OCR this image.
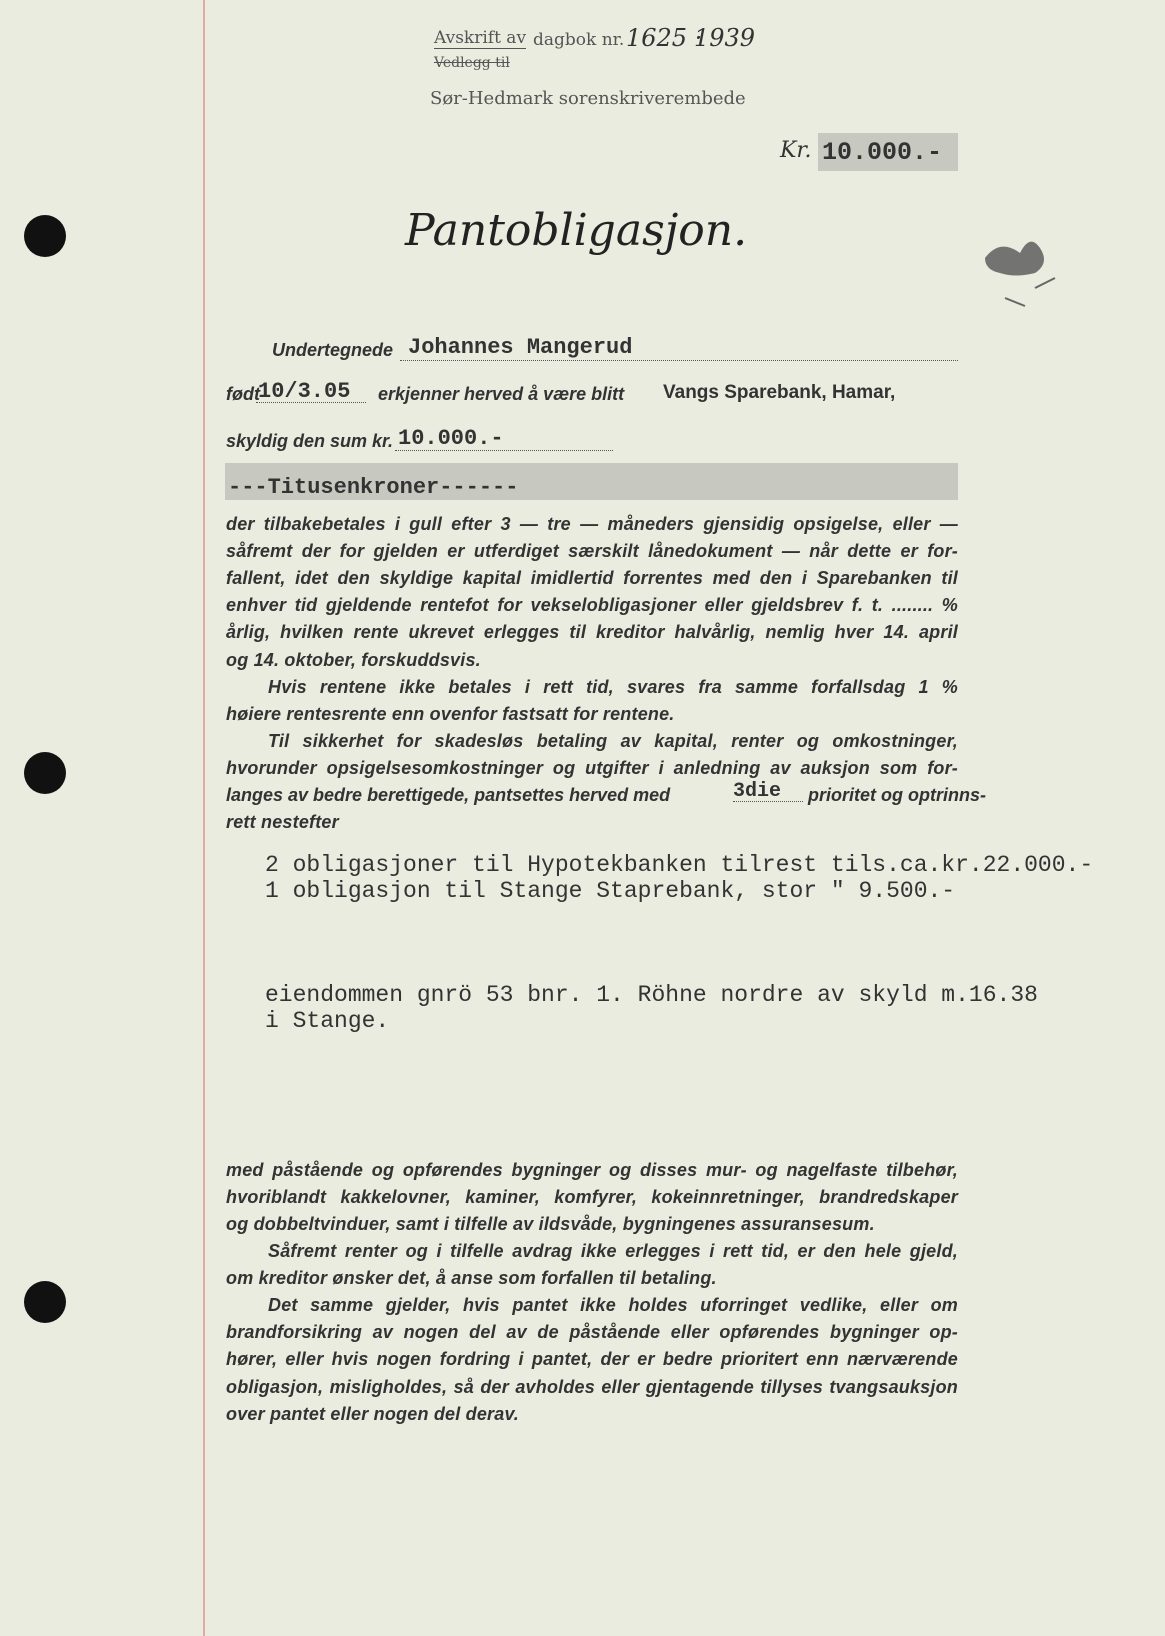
Avskrift av
Vedlegg til
dagbok nr. 1625 ·
1939
Sør-Hedmark sorenskriverembede
Kr. 10.000.-
Pantobligasjon.
Undertegnede Johannes Mangerud
født
10/3.05 erkjenner herved å være blitt Vangs Sparebank, Hamar,
skyldig den sum kr. 10.000.-
---Titusenkroner------
der tilbakebetales i gull efter 3 — tre — måneders gjensidig opsigelse, eller —
såfremt der for gjelden er utferdiget særskilt lånedokument — når dette er for-
fallent, idet den skyldige kapital imidlertid forrentes med den i Sparebanken til
enhver tid gjeldende rentefot for vekselobligasjoner eller gjeldsbrev f. t. ........ %
årlig, hvilken rente ukrevet erlegges til kreditor halvårlig, nemlig hver 14. april
og 14. oktober, forskuddsvis.
Hvis rentene ikke betales i rett tid, svares fra samme forfallsdag 1 %
høiere rentesrente enn ovenfor fastsatt for rentene.
Til sikkerhet for skadesløs betaling av kapital, renter og omkostninger,
hvorunder opsigelsesomkostninger og utgifter i anledning av auksjon som for-
langes av bedre berettigede, pantsettes herved med	3die prioritet og optrinns-
rett nestefter
2 obligasjoner til Hypotekbanken tilrest tils.ca.kr.22.000.-
1 obligasjon til Stange Staprebank, stor " 9.500.-
eiendommen gnrö 53 bnr. 1. Röhne nordre av skyld m.16.38
i Stange.
med påstående og opførendes bygninger og disses mur- og nagelfaste tilbehør,
hvoriblandt kakkelovner, kaminer, komfyrer, kokeinnretninger, brandredskaper
og dobbeltvinduer, samt i tilfelle av ildsvåde, bygningenes assuransesum.
Såfremt renter og i tilfelle avdrag ikke erlegges i rett tid, er den hele gjeld,
om kreditor ønsker det, å anse som forfallen til betaling.
Det samme gjelder, hvis pantet ikke holdes uforringet vedlike, eller om
brandforsikring av nogen del av de påstående eller opførendes bygninger op-
hører, eller hvis nogen fordring i pantet, der er bedre prioritert enn nærværende
obligasjon, misligholdes, så der avholdes eller gjentagende tillyses tvangsauksjon
over pantet eller nogen del derav.
